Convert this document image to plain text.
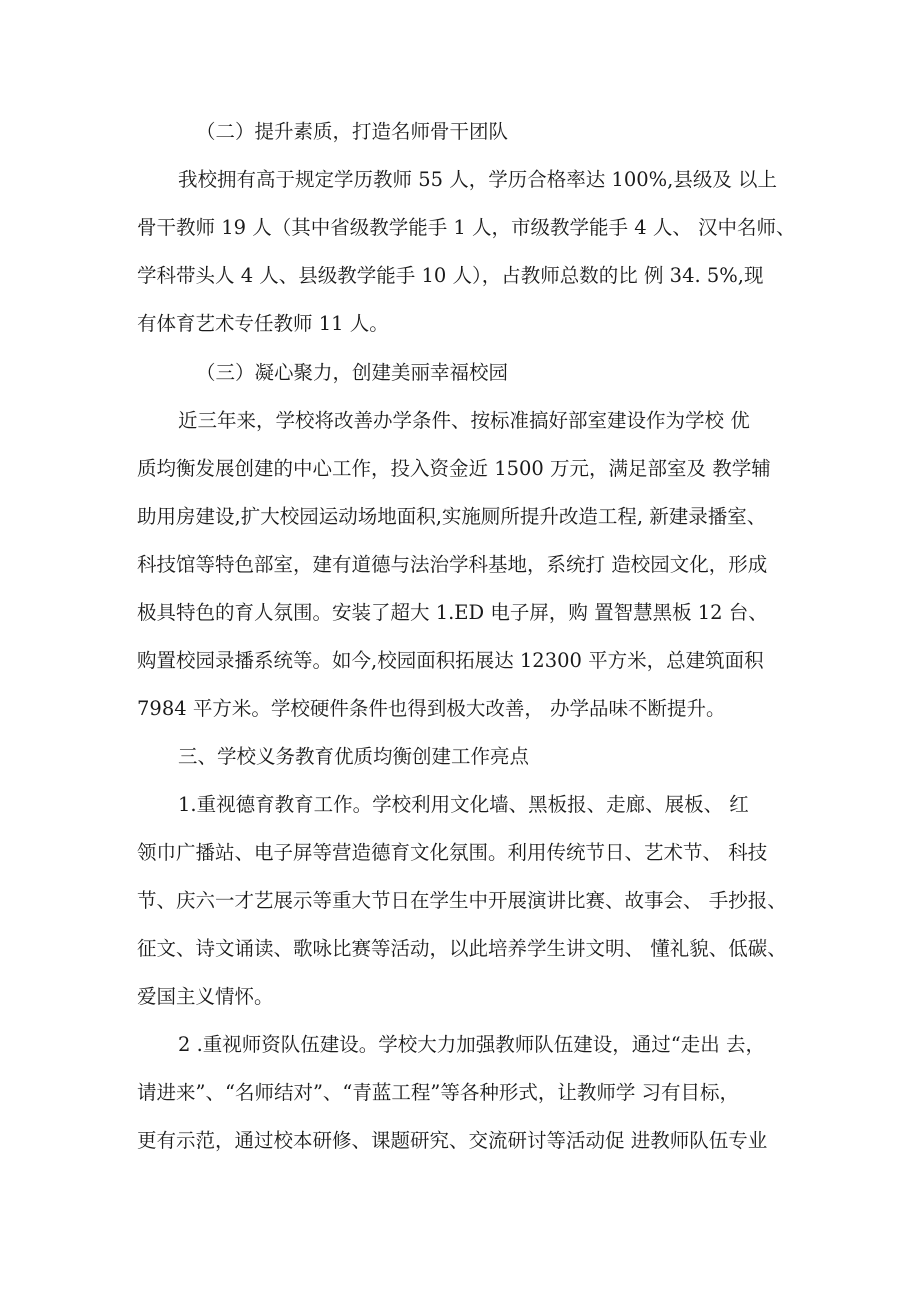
（二）提升素质，打造名师骨干团队

我校拥有高于规定学历教师 55 人，学历合格率达 100%,县级及 以上

骨干教师 19 人（其中省级教学能手 1 人，市级教学能手 4 人、 汉中名师、

学科带头人 4 人、县级教学能手 10 人），占教师总数的比 例 34. 5%,现

有体育艺术专任教师 11 人。

（三）凝心聚力，创建美丽幸福校园

近三年来，学校将改善办学条件、按标准搞好部室建设作为学校 优

质均衡发展创建的中心工作，投入资金近 1500 万元，满足部室及 教学辅

助用房建设,扩大校园运动场地面积,实施厕所提升改造工程, 新建录播室、

科技馆等特色部室，建有道德与法治学科基地，系统打 造校园文化，形成

极具特色的育人氛围。安装了超大 1.ED 电子屏，购 置智慧黑板 12 台、

购置校园录播系统等。如今,校园面积拓展达 12300 平方米，总建筑面积

7984 平方米。学校硬件条件也得到极大改善， 办学品味不断提升。

三、学校义务教育优质均衡创建工作亮点

1.重视德育教育工作。学校利用文化墙、黑板报、走廊、展板、 红

领巾广播站、电子屏等营造德育文化氛围。利用传统节日、艺术节、 科技

节、庆六一才艺展示等重大节日在学生中开展演讲比赛、故事会、 手抄报、

征文、诗文诵读、歌咏比赛等活动，以此培养学生讲文明、 懂礼貌、低碳、

爱国主义情怀。

2 .重视师资队伍建设。学校大力加强教师队伍建设，通过“走出 去，

请进来”、“名师结对”、“青蓝工程”等各种形式，让教师学 习有目标，

更有示范，通过校本研修、课题研究、交流研讨等活动促 进教师队伍专业
